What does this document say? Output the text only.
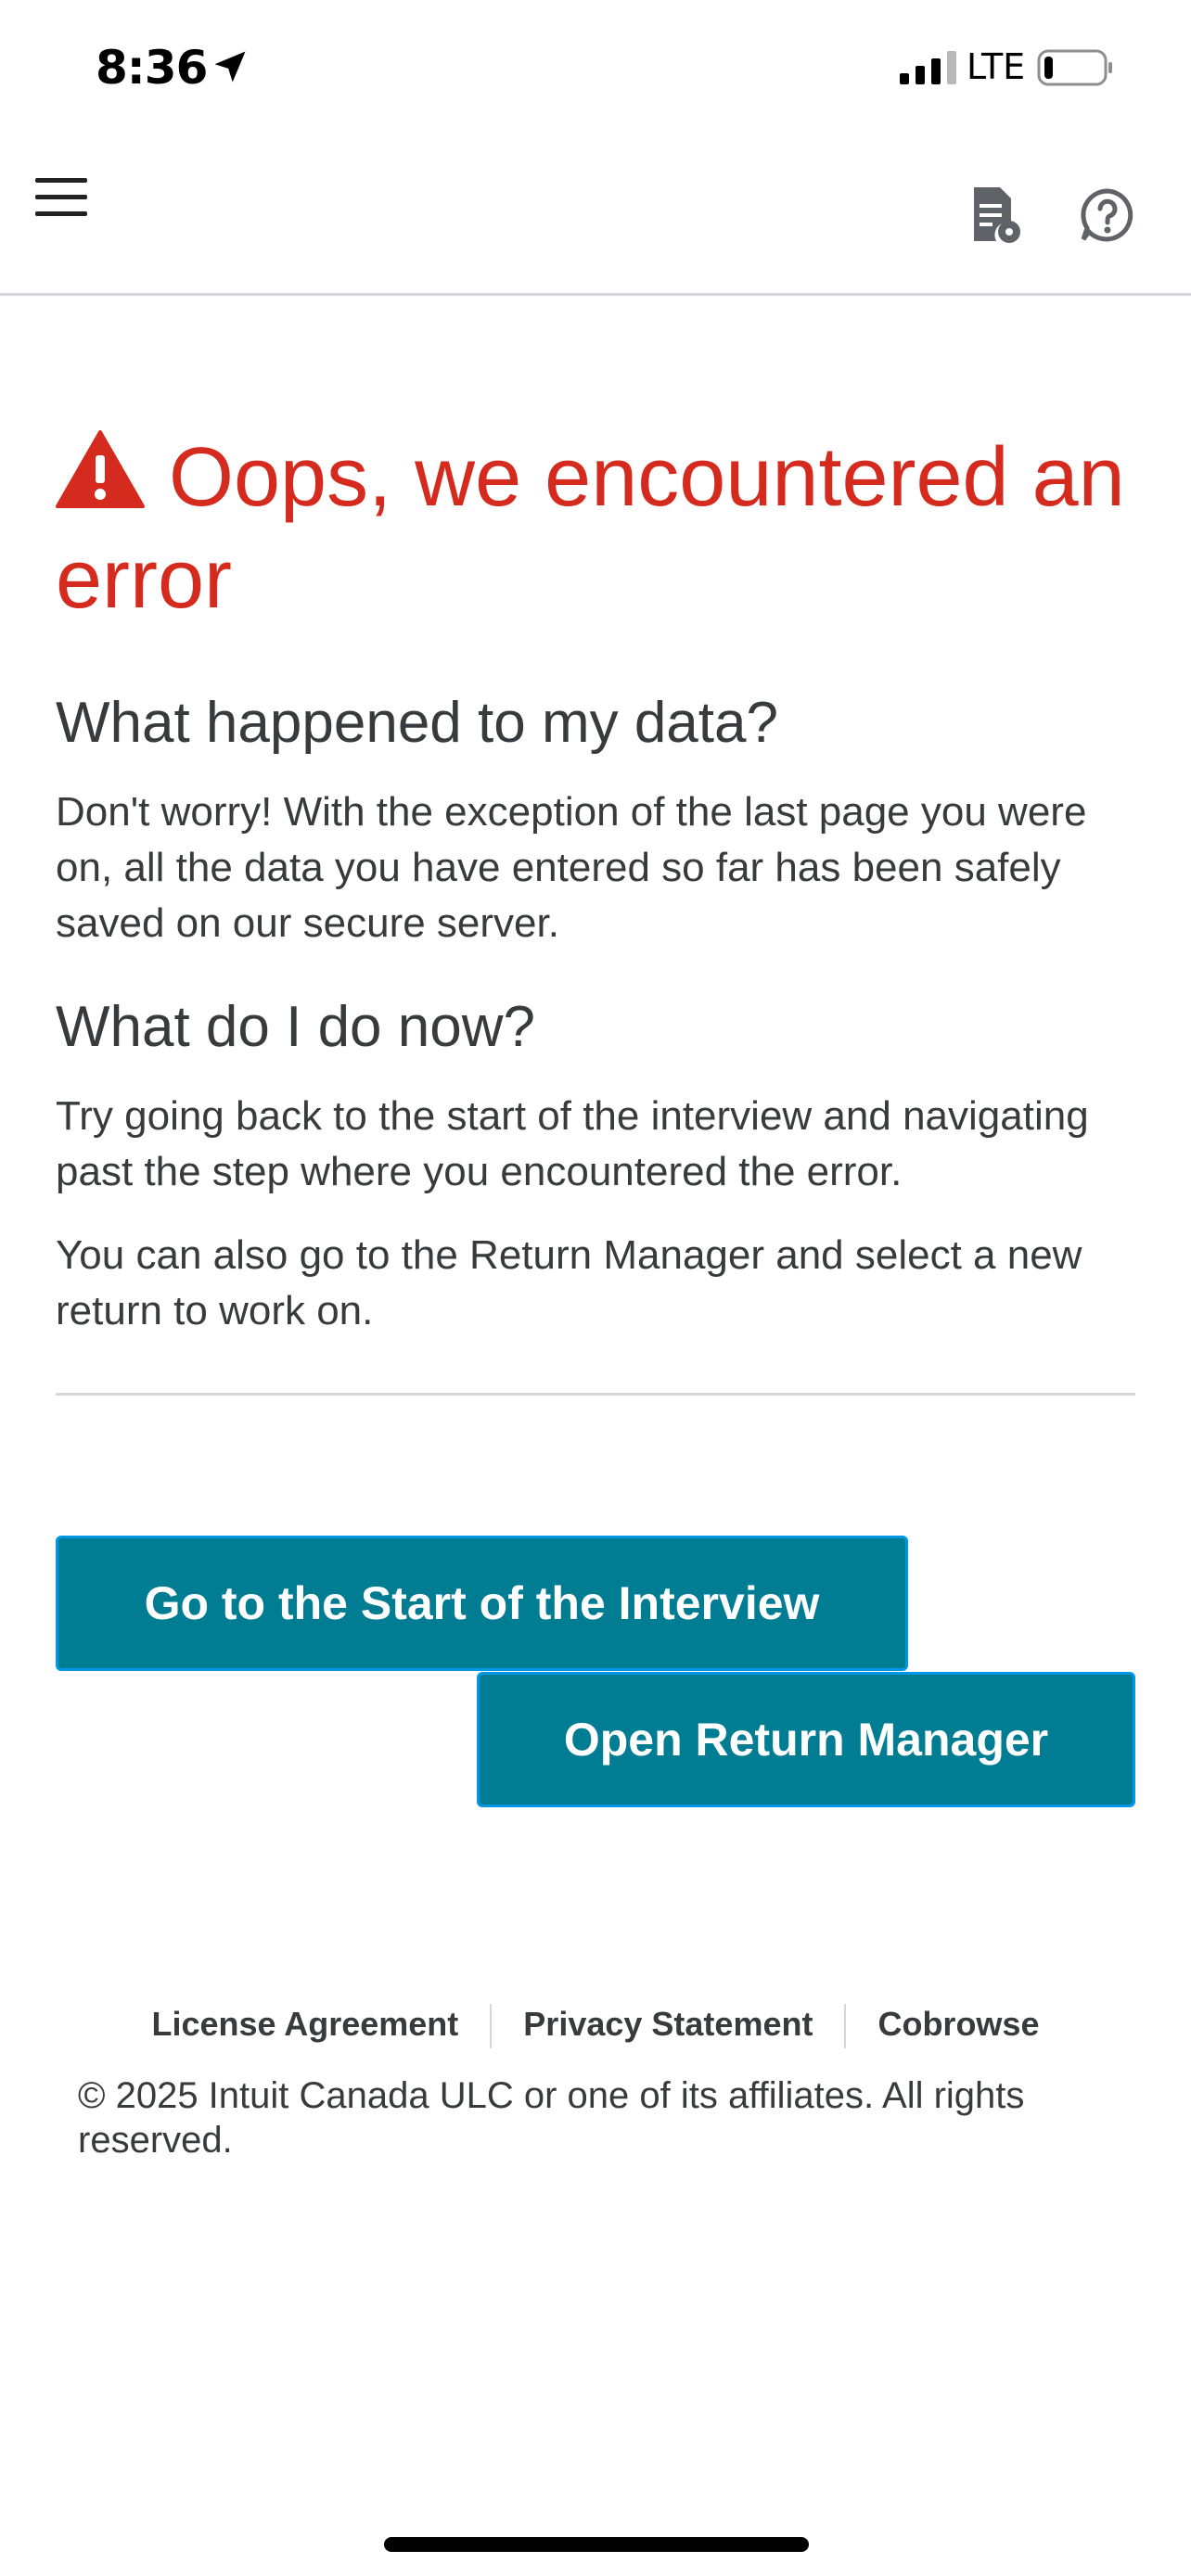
8:36	LTE
Oops, we encountered an error
What happened to my data?

Don't worry! With the exception of the last page you were on, all the data you have entered so far has been safely saved on our secure server.

What do I do now?

Try going back to the start of the interview and navigating past the step where you encountered the error.

You can also go to the Return Manager and select a new return to work on.

Go to the Start of the Interview
Open Return Manager
License Agreement Privacy Statement Cobrowse

© 2025 Intuit Canada ULC or one of its affiliates. All rights reserved.
